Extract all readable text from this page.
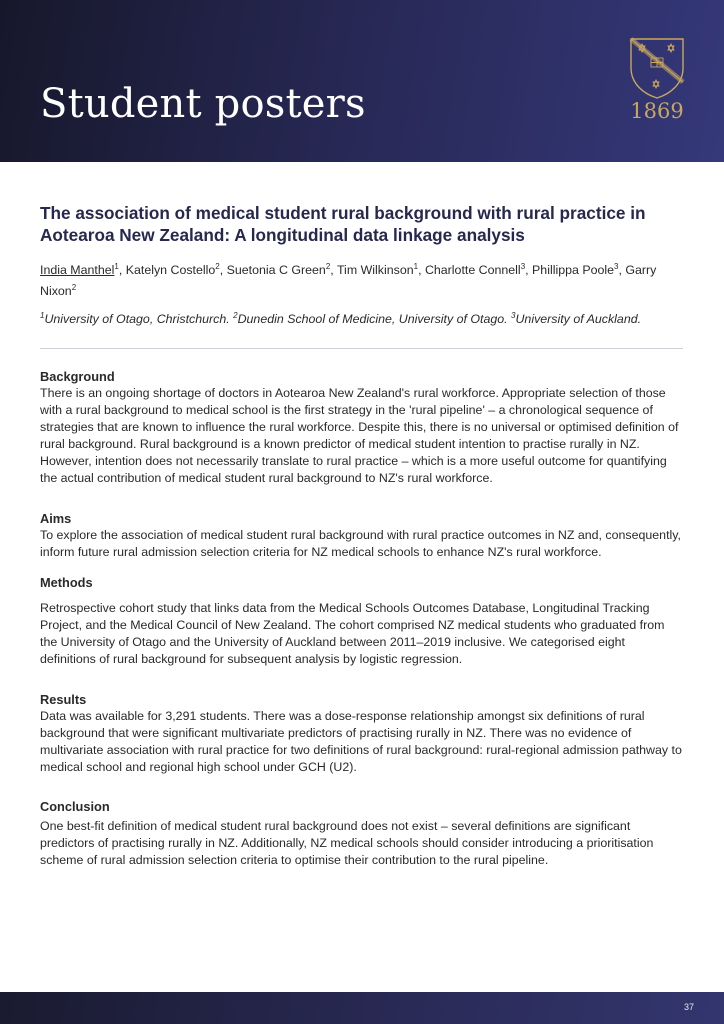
Student posters	1869
The association of medical student rural background with rural practice in Aotearoa New Zealand: A longitudinal data linkage analysis
India Manthel$^1$, Katelyn Costello$^2$, Suetonia C Green$^2$, Tim Wilkinson$^1$, Charlotte Connell$^3$, Phillippa Poole$^3$, Garry Nixon$^2$
$^1$University of Otago, Christchurch. $^2$Dunedin School of Medicine, University of Otago. $^3$University of Auckland.
Background

There is an ongoing shortage of doctors in Aotearoa New Zealand's rural workforce. Appropriate selection of those with a rural background to medical school is the first strategy in the 'rural pipeline' – a chronological sequence of strategies that are known to influence the rural workforce. Despite this, there is no universal or optimised definition of rural background. Rural background is a known predictor of medical student intention to practise rurally in NZ. However, intention does not necessarily translate to rural practice – which is a more useful outcome for quantifying the actual contribution of medical student rural background to NZ's rural workforce.

Aims

To explore the association of medical student rural background with rural practice outcomes in NZ and, consequently, inform future rural admission selection criteria for NZ medical schools to enhance NZ's rural workforce.

Methods

Retrospective cohort study that links data from the Medical Schools Outcomes Database, Longitudinal Tracking Project, and the Medical Council of New Zealand. The cohort comprised NZ medical students who graduated from the University of Otago and the University of Auckland between 2011–2019 inclusive. We categorised eight definitions of rural background for subsequent analysis by logistic regression.

Results

Data was available for 3,291 students. There was a dose-response relationship amongst six definitions of rural background that were significant multivariate predictors of practising rurally in NZ. There was no evidence of multivariate association with rural practice for two definitions of rural background: rural-regional admission pathway to medical school and regional high school under GCH (U2).

Conclusion

One best-fit definition of medical student rural background does not exist – several definitions are significant predictors of practising rurally in NZ. Additionally, NZ medical schools should consider introducing a prioritisation scheme of rural admission selection criteria to optimise their contribution to the rural pipeline.

37
